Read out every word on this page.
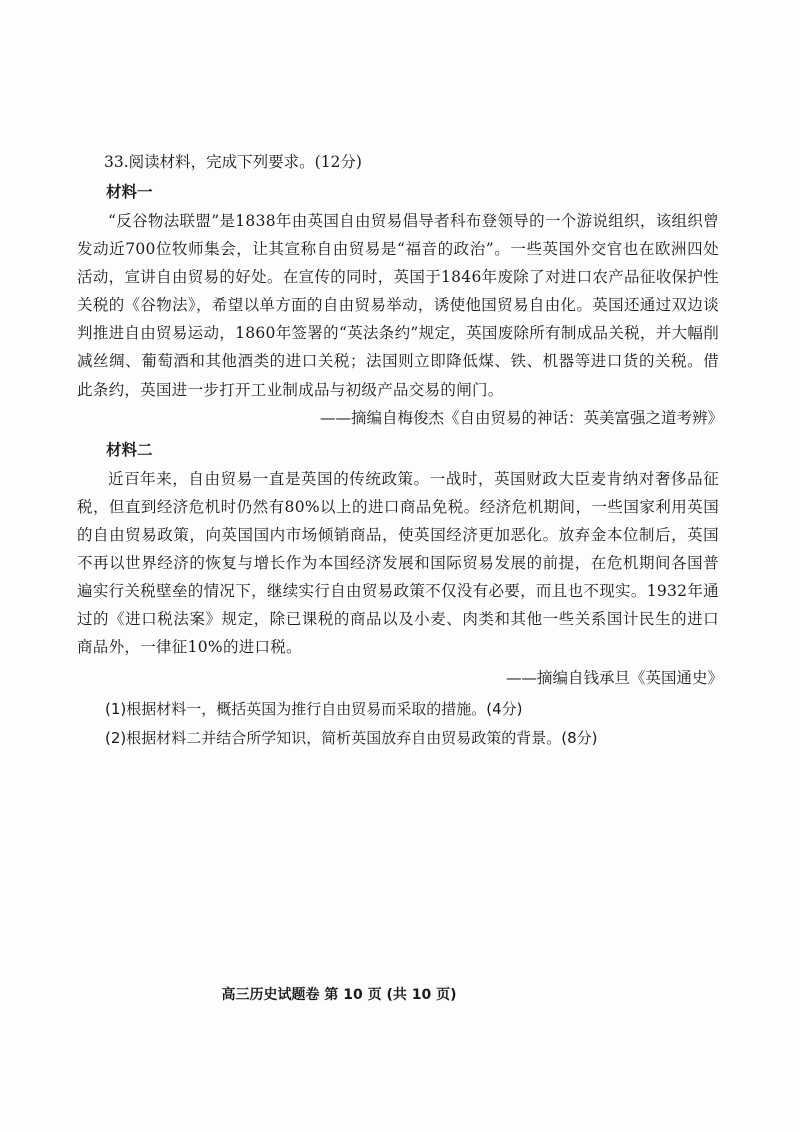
33.阅读材料，完成下列要求。(12分)
材料一

“反谷物法联盟”是1838年由英国自由贸易倡导者科布登领导的一个游说组织，该组织曾发动近700位牧师集会，让其宣称自由贸易是“福音的政治”。一些英国外交官也在欧洲四处活动，宣讲自由贸易的好处。在宣传的同时，英国于1846年废除了对进口农产品征收保护性关税的《谷物法》，希望以单方面的自由贸易举动，诱使他国贸易自由化。英国还通过双边谈判推进自由贸易运动，1860年签署的“英法条约”规定，英国废除所有制成品关税，并大幅削减丝绸、葡萄酒和其他酒类的进口关税；法国则立即降低煤、铁、机器等进口货的关税。借此条约，英国进一步打开工业制成品与初级产品交易的闸门。

——摘编自梅俊杰《自由贸易的神话：英美富强之道考辨》
材料二

近百年来，自由贸易一直是英国的传统政策。一战时，英国财政大臣麦肯纳对奢侈品征税，但直到经济危机时仍然有80%以上的进口商品免税。经济危机期间，一些国家利用英国的自由贸易政策，向英国国内市场倾销商品，使英国经济更加恶化。放弃金本位制后，英国不再以世界经济的恢复与增长作为本国经济发展和国际贸易发展的前提，在危机期间各国普遍实行关税壁垒的情况下，继续实行自由贸易政策不仅没有必要，而且也不现实。1932年通过的《进口税法案》规定，除已课税的商品以及小麦、肉类和其他一些关系国计民生的进口商品外，一律征10%的进口税。

——摘编自钱承旦《英国通史》

(1)根据材料一，概括英国为推行自由贸易而采取的措施。(4分)

(2)根据材料二并结合所学知识，简析英国放弃自由贸易政策的背景。(8分)

高三历史试题卷 第 10 页 (共 10 页)
